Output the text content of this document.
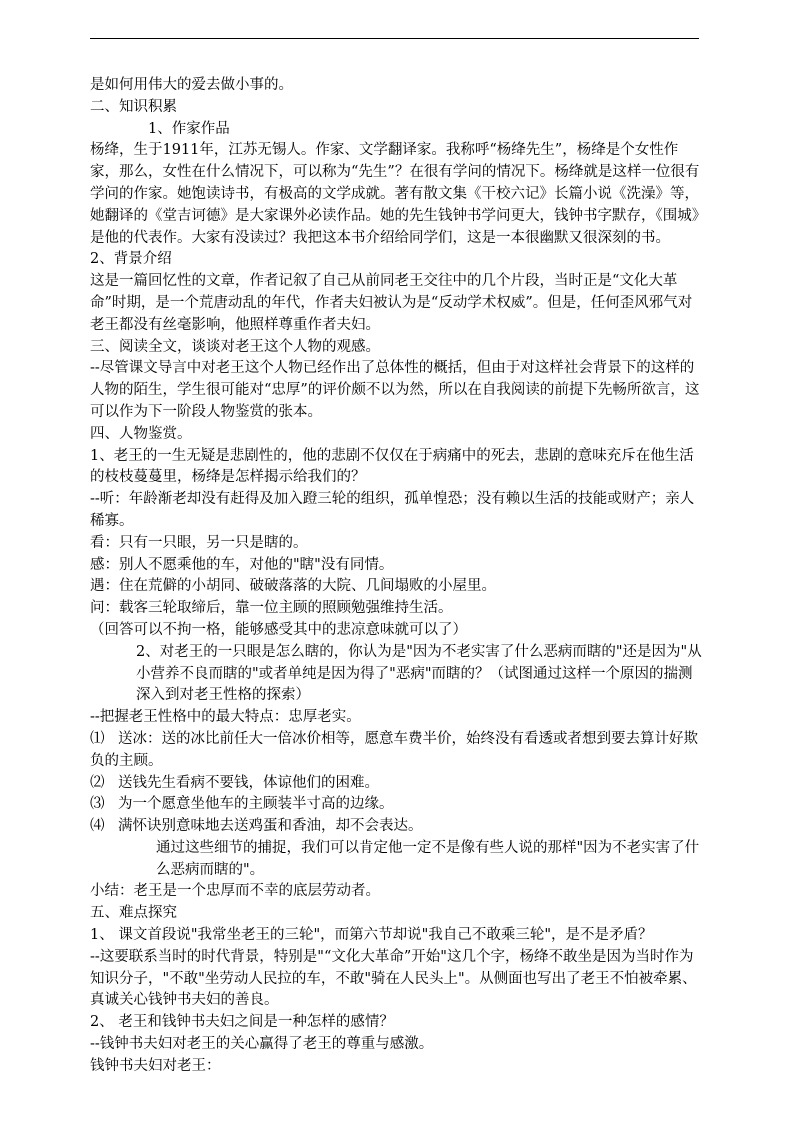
是如何用伟大的爱去做小事的。

二、知识积累

1、作家作品

杨绛，生于1911年，江苏无锡人。作家、文学翻译家。我称呼“杨绛先生”，杨绛是个女性作家，那么，女性在什么情况下，可以称为“先生”？在很有学问的情况下。杨绛就是这样一位很有学问的作家。她饱读诗书，有极高的文学成就。著有散文集《干校六记》长篇小说《洗澡》等，她翻译的《堂吉诃德》是大家课外必读作品。她的先生钱钟书学问更大，钱钟书字默存，《围城》是他的代表作。大家有没读过？我把这本书介绍给同学们，这是一本很幽默又很深刻的书。

2、背景介绍

这是一篇回忆性的文章，作者记叙了自己从前同老王交往中的几个片段，当时正是“文化大革命”时期，是一个荒唐动乱的年代，作者夫妇被认为是“反动学术权威”。但是，任何歪风邪气对老王都没有丝毫影响，他照样尊重作者夫妇。

三、阅读全文，谈谈对老王这个人物的观感。

--尽管课文导言中对老王这个人物已经作出了总体性的概括，但由于对这样社会背景下的这样的人物的陌生，学生很可能对“忠厚”的评价颇不以为然，所以在自我阅读的前提下先畅所欲言，这可以作为下一阶段人物鉴赏的张本。

四、人物鉴赏。

1、老王的一生无疑是悲剧性的，他的悲剧不仅仅在于病痛中的死去，悲剧的意味充斥在他生活的枝枝蔓蔓里，杨绛是怎样揭示给我们的？

--听：年龄渐老却没有赶得及加入蹬三轮的组织，孤单惶恐；没有赖以生活的技能或财产；亲人稀寡。

看：只有一只眼，另一只是瞎的。

感：别人不愿乘他的车，对他的"瞎"没有同情。

遇：住在荒僻的小胡同、破破落落的大院、几间塌败的小屋里。

问：载客三轮取缔后，靠一位主顾的照顾勉强维持生活。

（回答可以不拘一格，能够感受其中的悲凉意味就可以了）

2、对老王的一只眼是怎么瞎的，你认为是"因为不老实害了什么恶病而瞎的"还是因为"从小营养不良而瞎的"或者单纯是因为得了"恶病"而瞎的？（试图通过这样一个原因的揣测深入到对老王性格的探索）

--把握老王性格中的最大特点：忠厚老实。

⑴ 送冰：送的冰比前任大一倍冰价相等，愿意车费半价，始终没有看透或者想到要去算计好欺负的主顾。

⑵ 送钱先生看病不要钱，体谅他们的困难。

⑶ 为一个愿意坐他车的主顾装半寸高的边缘。

⑷ 满怀诀别意味地去送鸡蛋和香油，却不会表达。

通过这些细节的捕捉，我们可以肯定他一定不是像有些人说的那样"因为不老实害了什么恶病而瞎的"。

小结：老王是一个忠厚而不幸的底层劳动者。

五、难点探究

1、 课文首段说"我常坐老王的三轮"，而第六节却说"我自己不敢乘三轮"，是不是矛盾？

--这要联系当时的时代背景，特别是"“文化大革命”开始"这几个字，杨绛不敢坐是因为当时作为知识分子，"不敢"坐劳动人民拉的车，不敢"骑在人民头上"。从侧面也写出了老王不怕被牵累、真诚关心钱钟书夫妇的善良。

2、 老王和钱钟书夫妇之间是一种怎样的感情？

--钱钟书夫妇对老王的关心赢得了老王的尊重与感激。

钱钟书夫妇对老王：
